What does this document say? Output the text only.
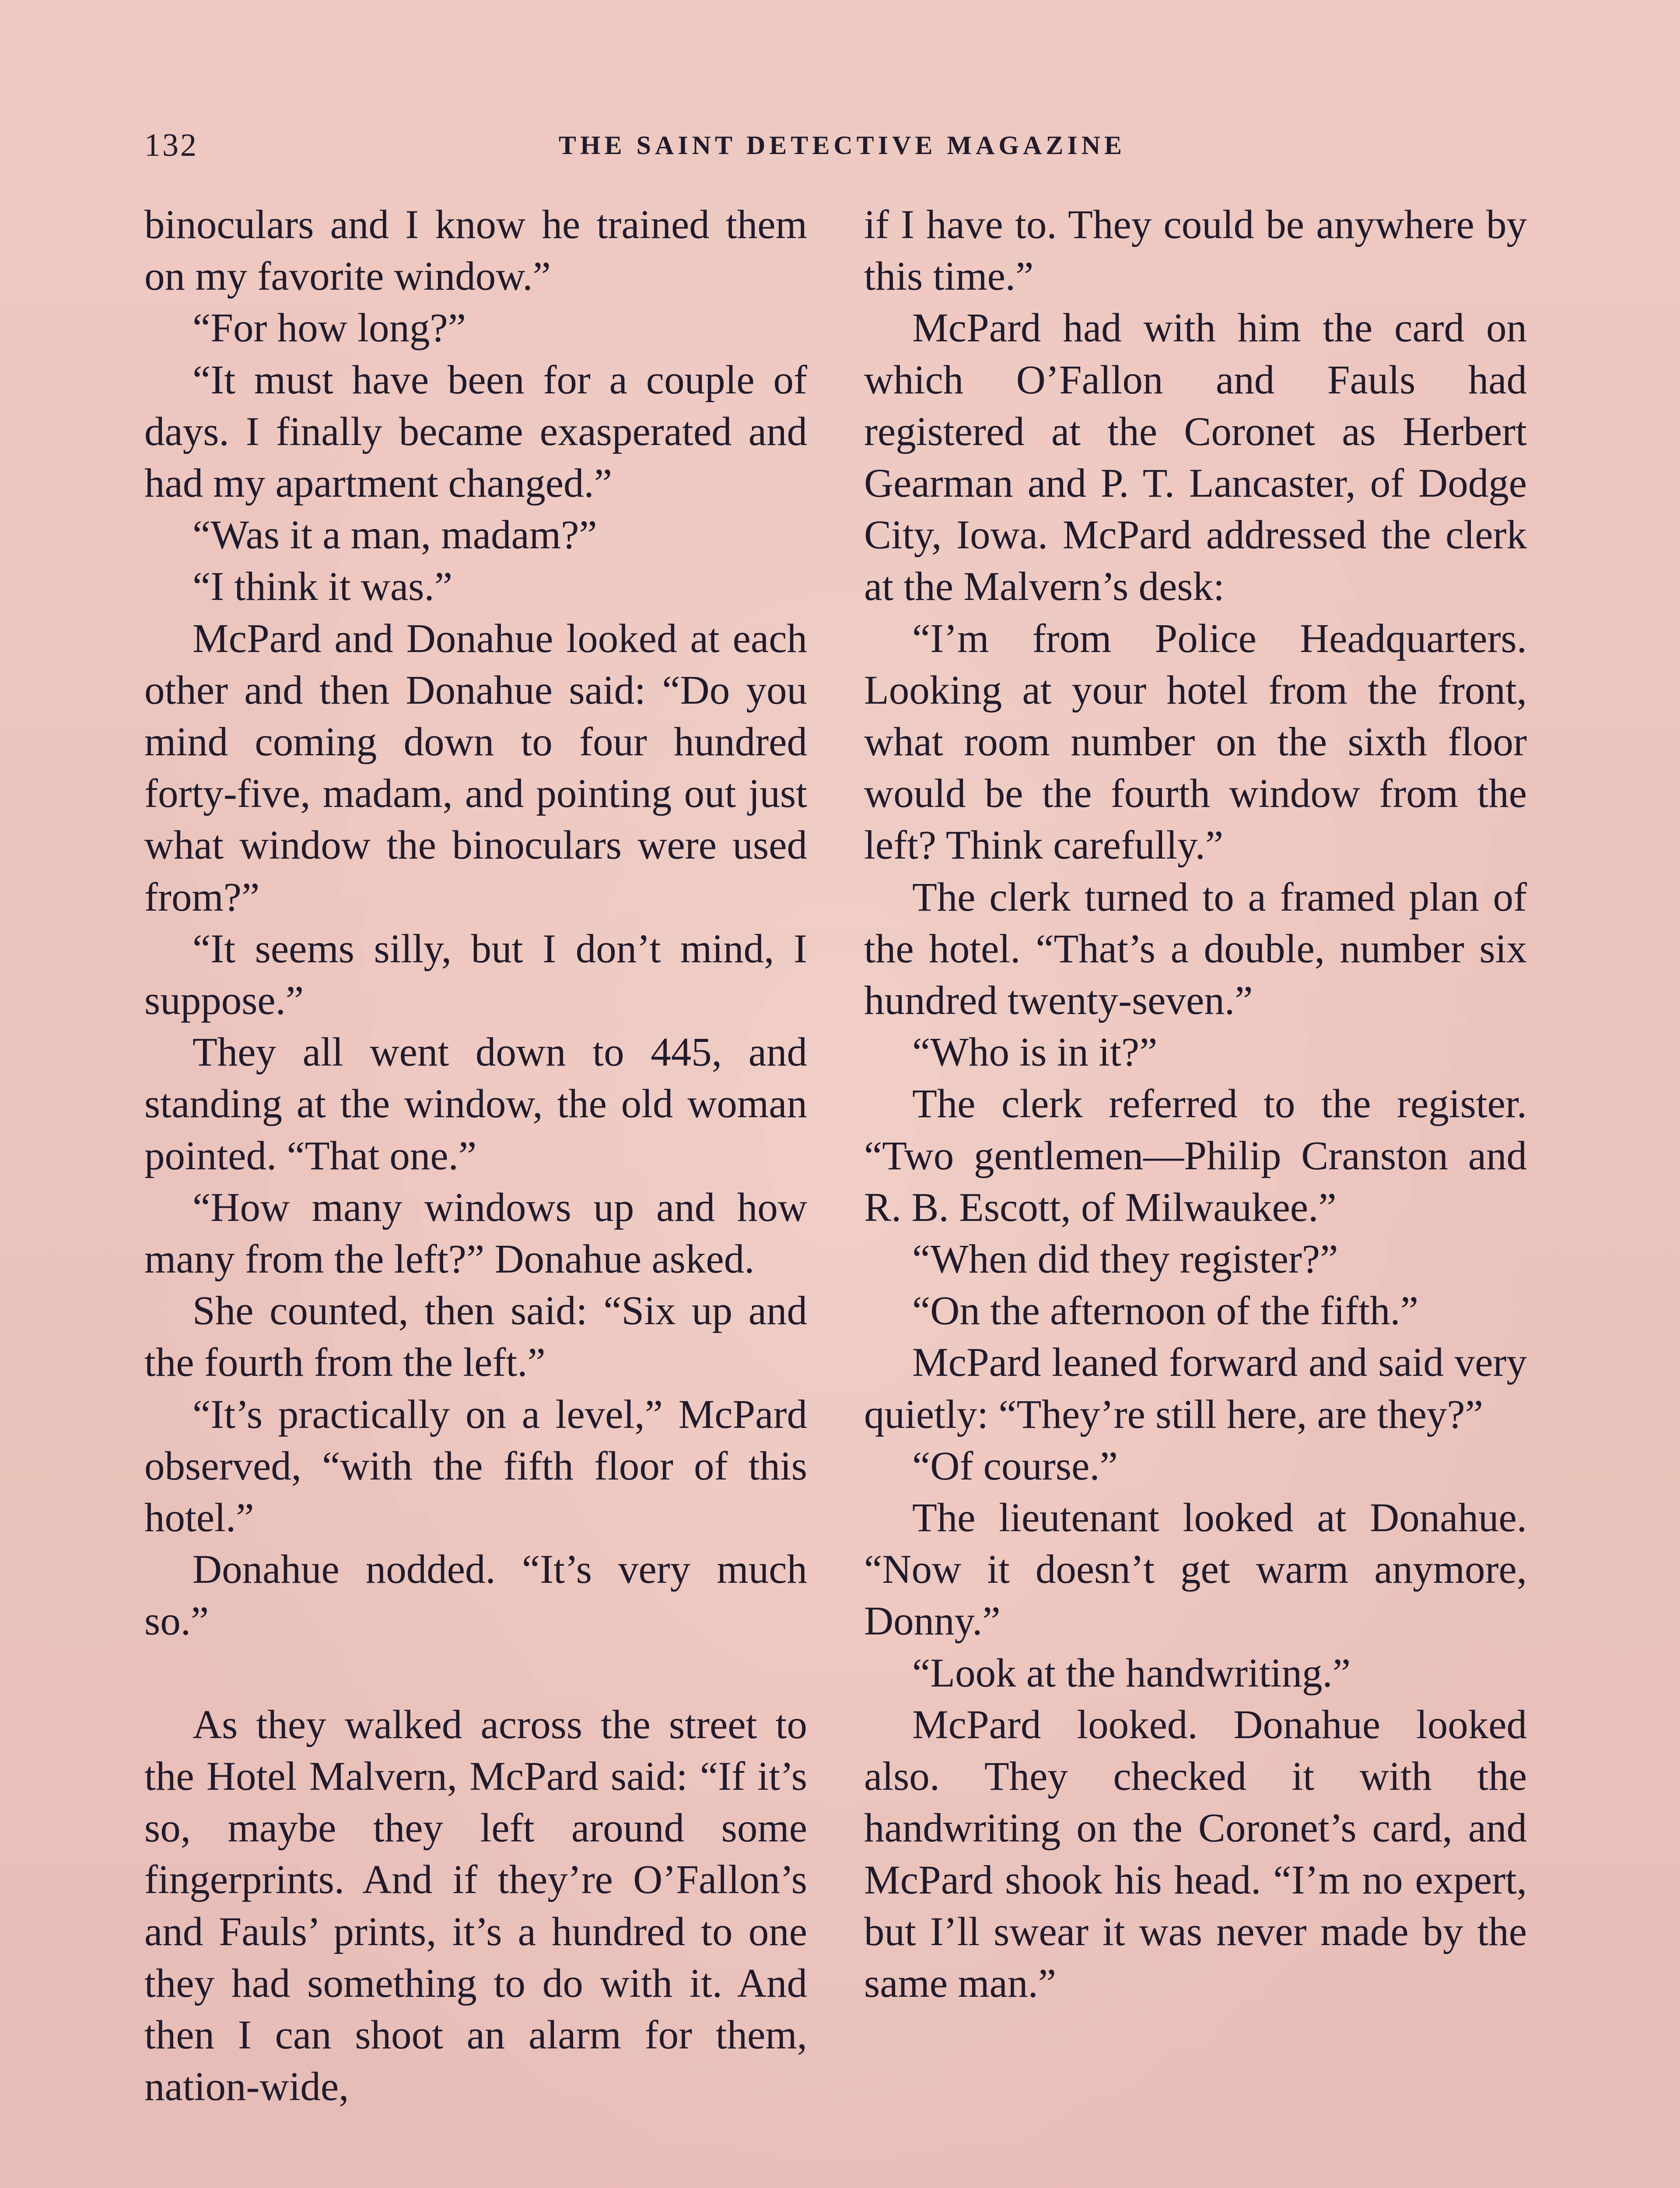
132	THE SAINT DETECTIVE MAGAZINE

binoculars and I know he trained them on my favorite window.”

“For how long?”

“It must have been for a couple of days. I finally became exasperated and had my apartment changed.”

“Was it a man, madam?”

“I think it was.”

McPard and Donahue looked at each other and then Donahue said: “Do you mind coming down to four hundred forty-five, madam, and pointing out just what window the binoculars were used from?”

“It seems silly, but I don’t mind, I suppose.”

They all went down to 445, and standing at the window, the old woman pointed. “That one.”

“How many windows up and how many from the left?” Donahue asked.

She counted, then said: “Six up and the fourth from the left.”

“It’s practically on a level,” McPard observed, “with the fifth floor of this hotel.”

Donahue nodded. “It’s very much so.”

As they walked across the street to the Hotel Malvern, McPard said: “If it’s so, maybe they left around some fingerprints. And if they’re O’Fallon’s and Fauls’ prints, it’s a hundred to one they had something to do with it. And then I can shoot an alarm for them, nation-wide,

if I have to. They could be anywhere by this time.”

McPard had with him the card on which O’Fallon and Fauls had registered at the Coronet as Herbert Gearman and P. T. Lancaster, of Dodge City, Iowa. McPard addressed the clerk at the Malvern’s desk:

“I’m from Police Headquarters. Looking at your hotel from the front, what room number on the sixth floor would be the fourth window from the left? Think carefully.”

The clerk turned to a framed plan of the hotel. “That’s a double, number six hundred twenty-seven.”

“Who is in it?”

The clerk referred to the register. “Two gentlemen—Philip Cranston and R. B. Escott, of Milwaukee.”

“When did they register?”

“On the afternoon of the fifth.”

McPard leaned forward and said very quietly: “They’re still here, are they?”

“Of course.”

The lieutenant looked at Donahue. “Now it doesn’t get warm anymore, Donny.”

“Look at the handwriting.”

McPard looked. Donahue looked also. They checked it with the handwriting on the Coronet’s card, and McPard shook his head. “I’m no expert, but I’ll swear it was never made by the same man.”
